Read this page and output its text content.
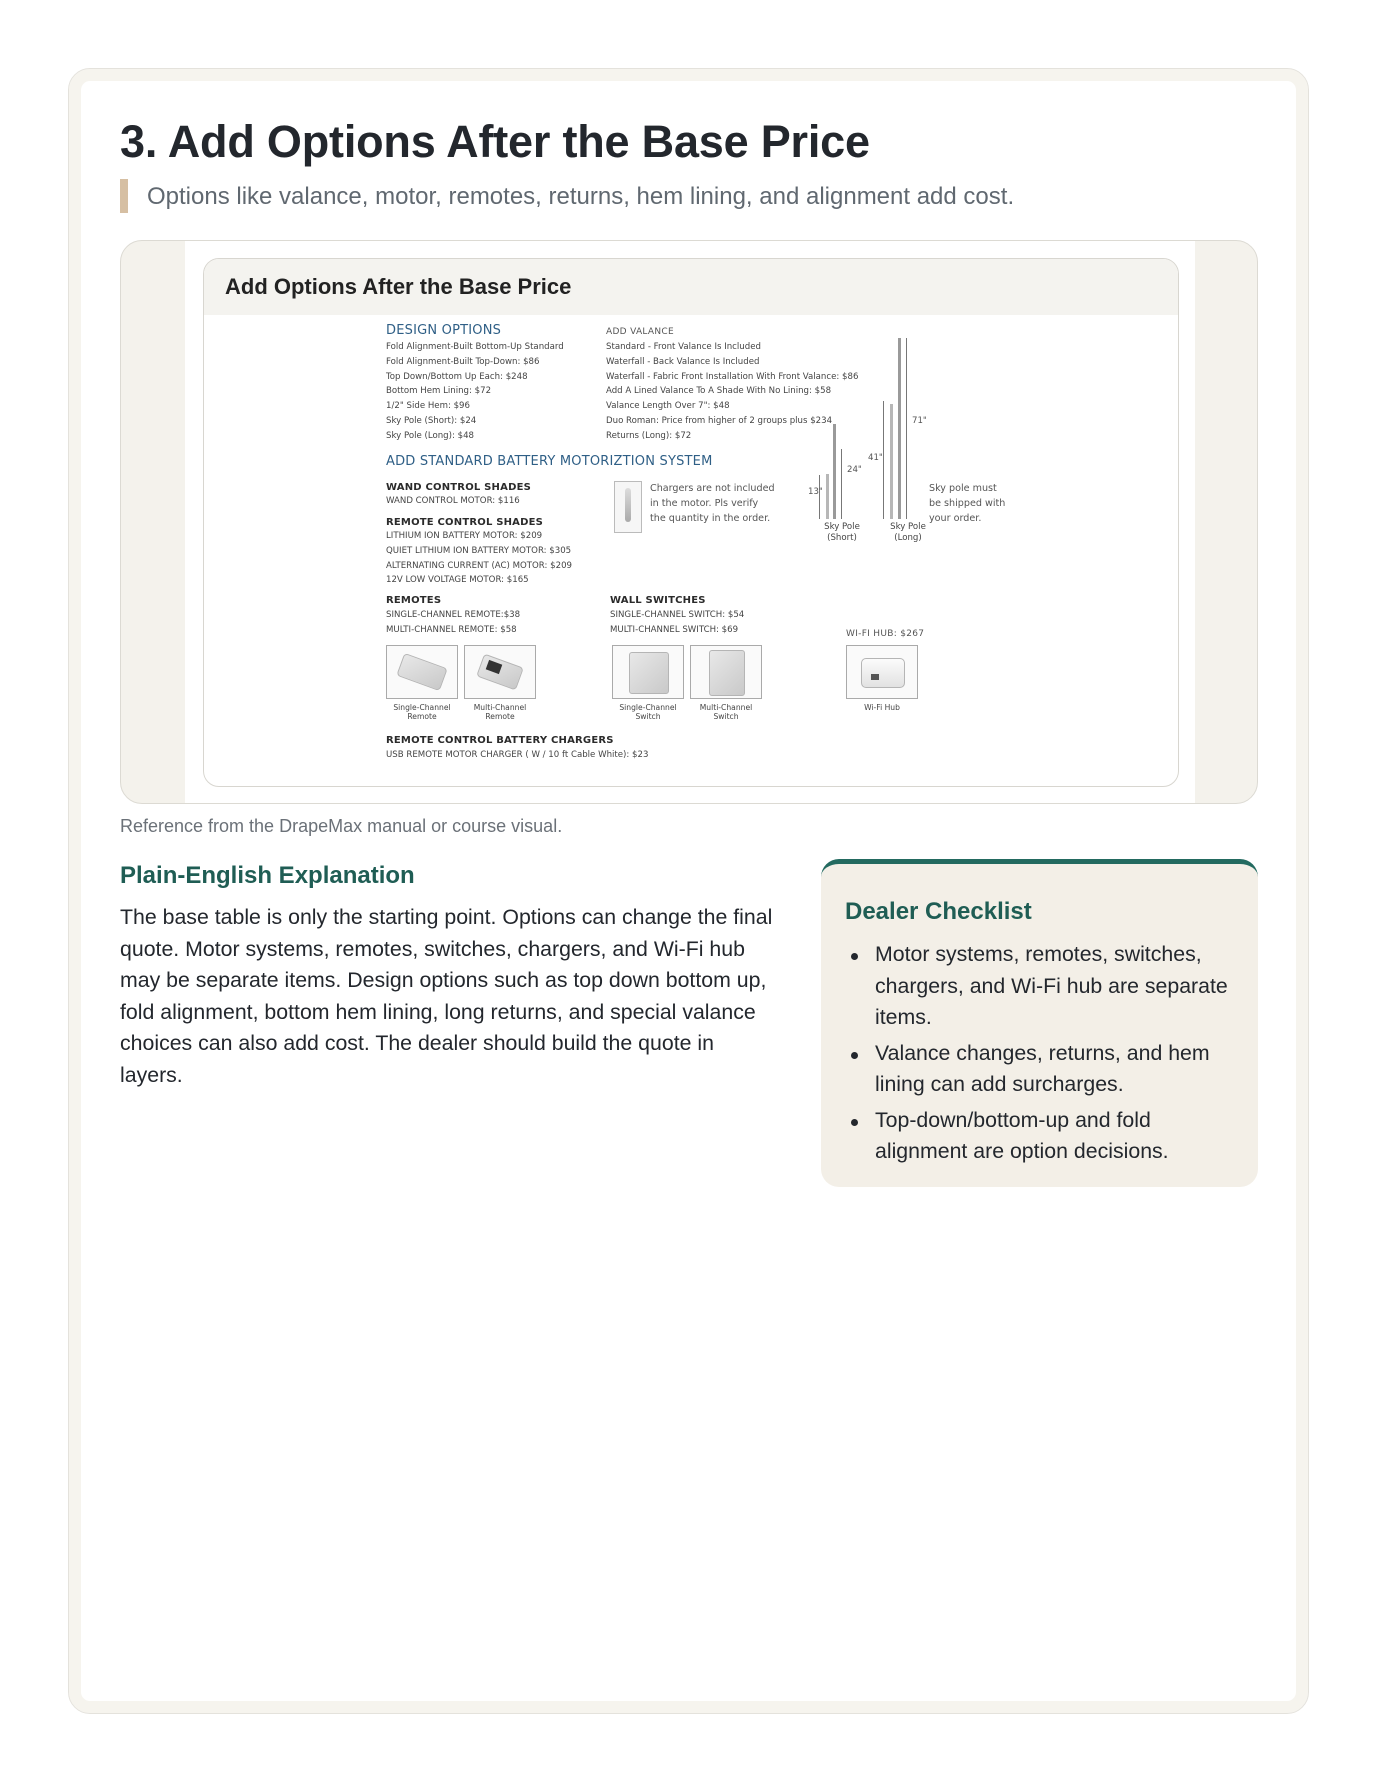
3. Add Options After the Base Price

Options like valance, motor, remotes, returns, hem lining, and alignment add cost.

Add Options After the Base Price
DESIGN OPTIONS
Fold Alignment-Built Bottom-Up Standard
Fold Alignment-Built Top-Down: $86
Top Down/Bottom Up Each: $248
Bottom Hem Lining: $72
1/2" Side Hem: $96
Sky Pole (Short): $24
Sky Pole (Long): $48
ADD VALANCE
Standard - Front Valance Is Included
Waterfall - Back Valance Is Included
Waterfall - Fabric Front Installation With Front Valance: $86
Add A Lined Valance To A Shade With No Lining: $58
Valance Length Over 7": $48
Duo Roman: Price from higher of 2 groups plus $234
Returns (Long): $72
ADD STANDARD BATTERY MOTORIZTION SYSTEM
WAND CONTROL SHADES
WAND CONTROL MOTOR: $116
REMOTE CONTROL SHADES
LITHIUM ION BATTERY MOTOR: $209
QUIET LITHIUM ION BATTERY MOTOR: $305
ALTERNATING CURRENT (AC) MOTOR: $209
12V LOW VOLTAGE MOTOR: $165
Chargers are not included
in the motor. Pls verify
the quantity in the order.
71"
41"
24"
13"
Sky Pole
(Short)
Sky Pole
(Long)
Sky pole must
be shipped with
your order.
REMOTES
SINGLE-CHANNEL REMOTE:$38
MULTI-CHANNEL REMOTE: $58
Single-Channel
Remote
Multi-Channel
Remote
WALL SWITCHES
SINGLE-CHANNEL SWITCH: $54
MULTI-CHANNEL SWITCH: $69
Single-Channel
Switch
Multi-Channel
Switch
WI-FI HUB: $267
Wi-Fi Hub
REMOTE CONTROL BATTERY CHARGERS
USB REMOTE MOTOR CHARGER ( W / 10 ft Cable White): $23

Reference from the DrapeMax manual or course visual.

Plain-English Explanation

The base table is only the starting point. Options can change the final quote. Motor systems, remotes, switches, chargers, and Wi-Fi hub may be separate items. Design options such as top down bottom up, fold alignment, bottom hem lining, long returns, and special valance choices can also add cost. The dealer should build the quote in layers.

Dealer Checklist
Motor systems, remotes, switches, chargers, and Wi-Fi hub are separate items.
Valance changes, returns, and hem lining can add surcharges.
Top-down/bottom-up and fold alignment are option decisions.
